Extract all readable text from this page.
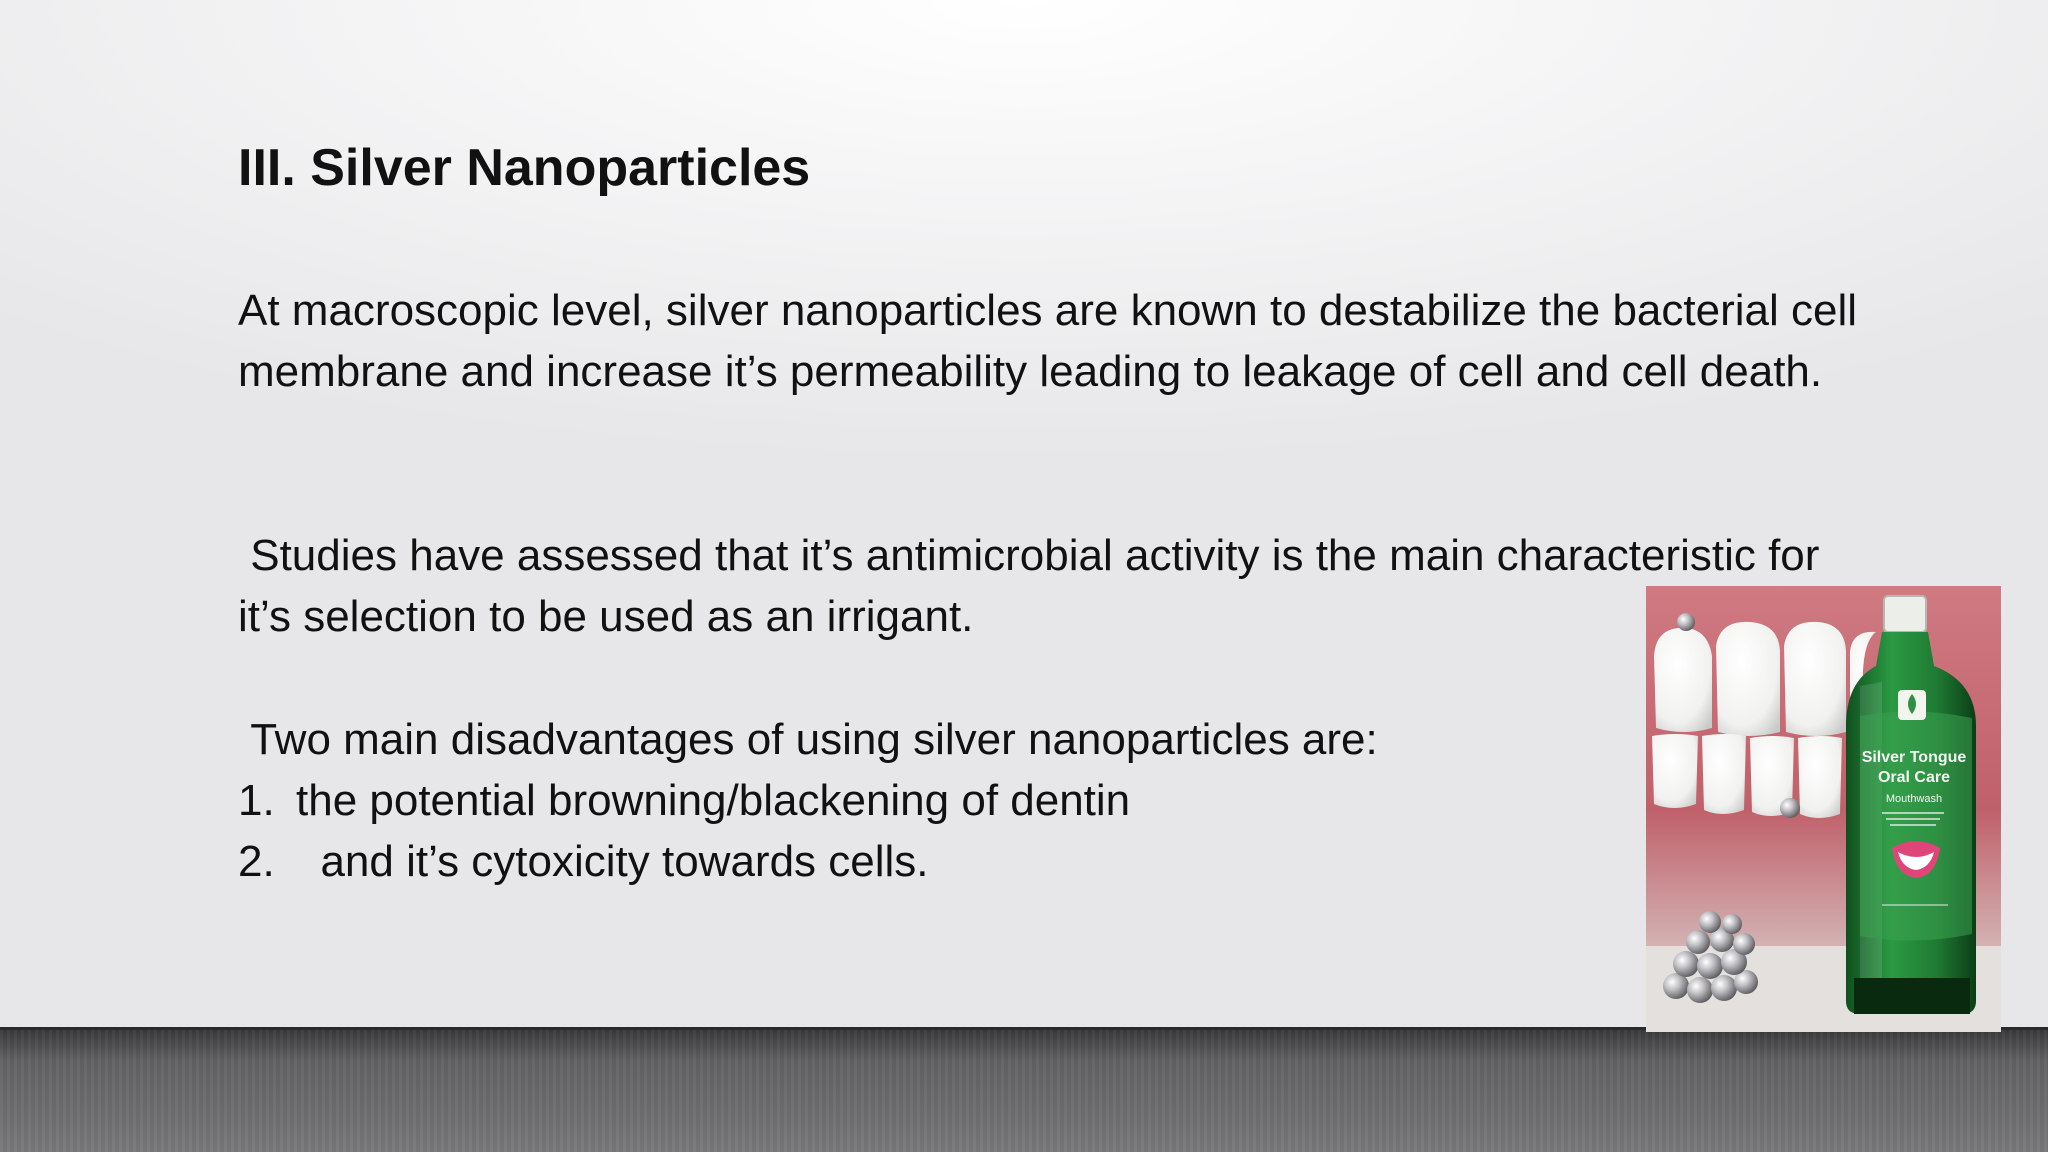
III. Silver Nanoparticles

At macroscopic level, silver nanoparticles are known to destabilize the bacterial cell membrane and increase it’s permeability leading to leakage of cell and cell death.

Studies have assessed that it’s antimicrobial activity is the main characteristic for it’s selection to be used as an irrigant.

Two main disadvantages of using silver nanoparticles are:

1. the potential browning/blackening of dentin
2.  and it’s cytoxicity towards cells.
Silver Tongue
Oral Care
Mouthwash
